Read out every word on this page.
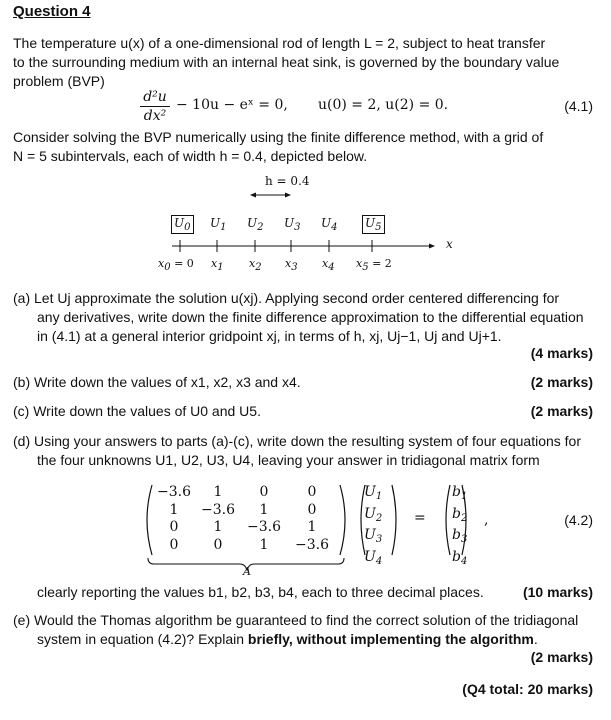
Question 4
The temperature u(x) of a one-dimensional rod of length L = 2, subject to heat transfer
to the surrounding medium with an internal heat sink, is governed by the boundary value
problem (BVP)
$\frac{\text{d²u}}{\text{dx²}} - 10u$ − eˣ = 0, u(0) = 2, u(2) = 0.	(4.1)
Consider solving the BVP numerically using the finite difference method, with a grid of
N = 5 subintervals, each of width h = 0.4, depicted below.
h = 0.4
$U_0$ $U_1$ $U_2$ $U_3$ $U_4$ $U_5$
x0 = 0 x1 x2 x3 x4 x5 = 2
x
(a) Let Uj approximate the solution u(xj). Applying second order centered differencing for
any derivatives, write down the finite difference approximation to the differential equation
in (4.1) at a general interior gridpoint xj, in terms of h, xj, Uj−1, Uj and Uj+1.
(4 marks)
(b) Write down the values of x1, x2, x3 and x4.	(2 marks)
(c) Write down the values of U0 and U5.	(2 marks)
(d) Using your answers to parts (a)-(c), write down the resulting system of four equations for
the four unknowns U1, U2, U3, U4, leaving your answer in tridiagonal matrix form
−3.6 1	0	0
1 −3.6 1	0
0	1 −3.6 1
0	0	1 −3.6
$U_1$
$U_2$
$U_3$
$U_4$
=
$b_1$
$b_2$
$b_3$
$b_4$
,
A
(4.2)
clearly reporting the values b1, b2, b3, b4, each to three decimal places.	(10 marks)
(e) Would the Thomas algorithm be guaranteed to find the correct solution of the tridiagonal
system in equation (4.2)? Explain briefly, without implementing the algorithm.
(2 marks)
(Q4 total: 20 marks)
